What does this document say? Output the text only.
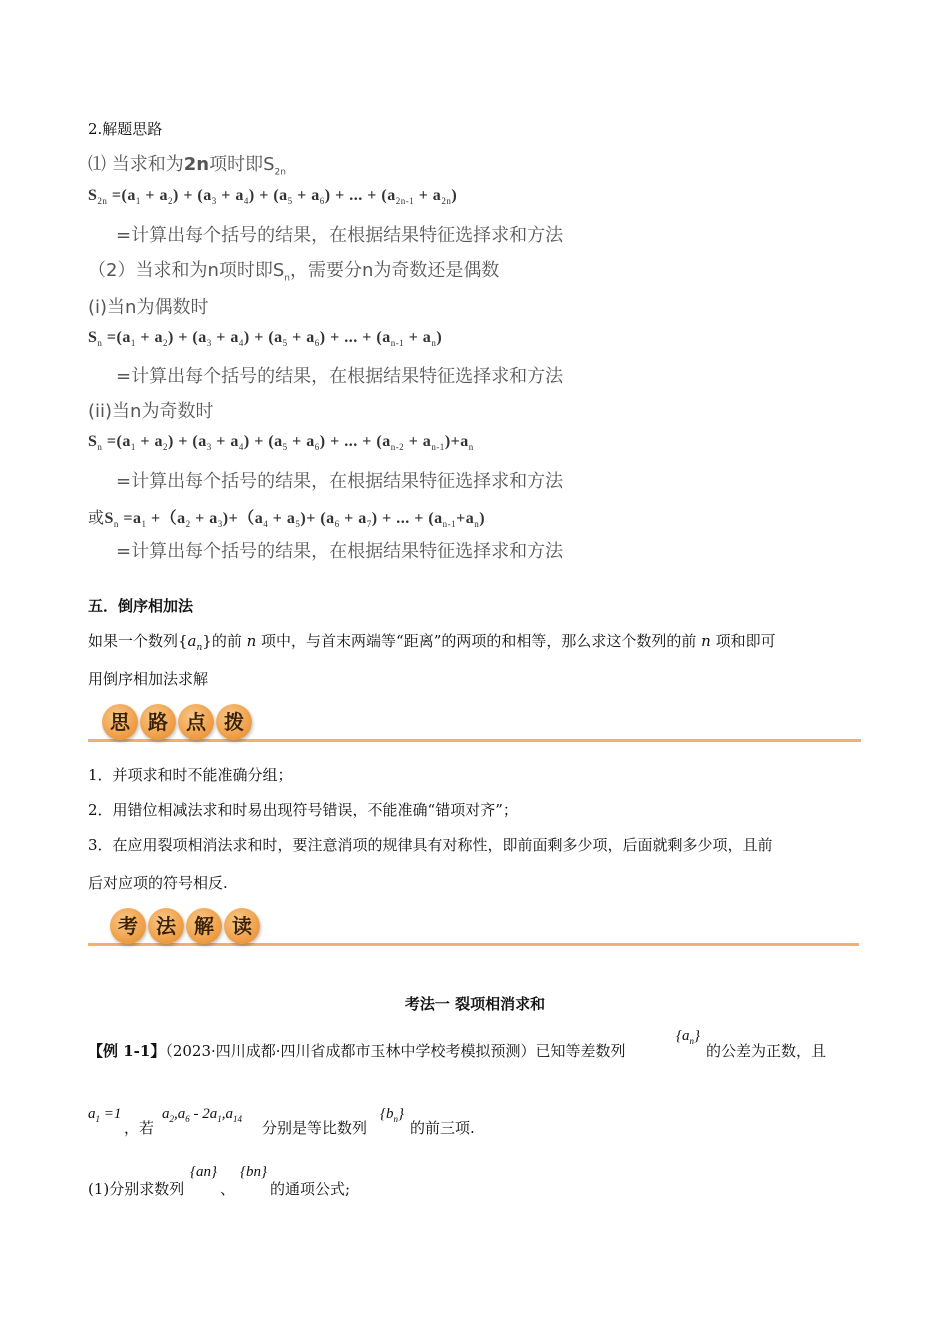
2.解题思路
⑴ 当求和为2n项时即$S_{2n}$
$S_{2n} =(a_1 + a_2) + (a_3 + a_4) + (a_5 + a_6)$ + ... + $(a_{2n-1} + a_{2n})$
=计算出每个括号的结果，在根据结果特征选择求和方法
（2）当求和为n项时即$S_n$，需要分n为奇数还是偶数
(i)当n为偶数时
$S_n =(a_1 + a_2) + (a_3 + a_4) + (a_5 + a_6)$ + ... + $(a_{n-1} + a_n)$
=计算出每个括号的结果，在根据结果特征选择求和方法
(ii)当n为奇数时
$S_n =(a_1 + a_2) + (a_3 + a_4) + (a_5 + a_6)$ + ... + $(a_{n-2} + a_{n-1})+a_n$
=计算出每个括号的结果，在根据结果特征选择求和方法
或$S_n =a_1 +(a_2 + a_3)+(a_4 + a_5)+ (a_6 + a_7)$ + ... + $(a_{n-1}+a_n)$
=计算出每个括号的结果，在根据结果特征选择求和方法
五．倒序相加法
如果一个数列$\{a_n\}$的前 n 项中，与首末两端等“距离”的两项的和相等，那么求这个数列的前 n 项和即可
用倒序相加法求解
思 路 点 拨
1．并项求和时不能准确分组；
2．用错位相减法求和时易出现符号错误，不能准确“错项对齐”；
3．在应用裂项相消法求和时，要注意消项的规律具有对称性，即前面剩多少项，后面就剩多少项，且前
后对应项的符号相反.
考 法 解 读
考法一 裂项相消求和
【例 1-1】（2023·四川成都·四川省成都市玉林中学校考模拟预测）已知等差数列
$\{a_n\}$
的公差为正数，且
$a_1 =1$
，若
$a_2,a_6 - 2a_1,a_{14}$ 分别是等比数列
$\{b_n\}$
的前三项.
(1)分别求数列
{an}
、
{bn}
的通项公式;
